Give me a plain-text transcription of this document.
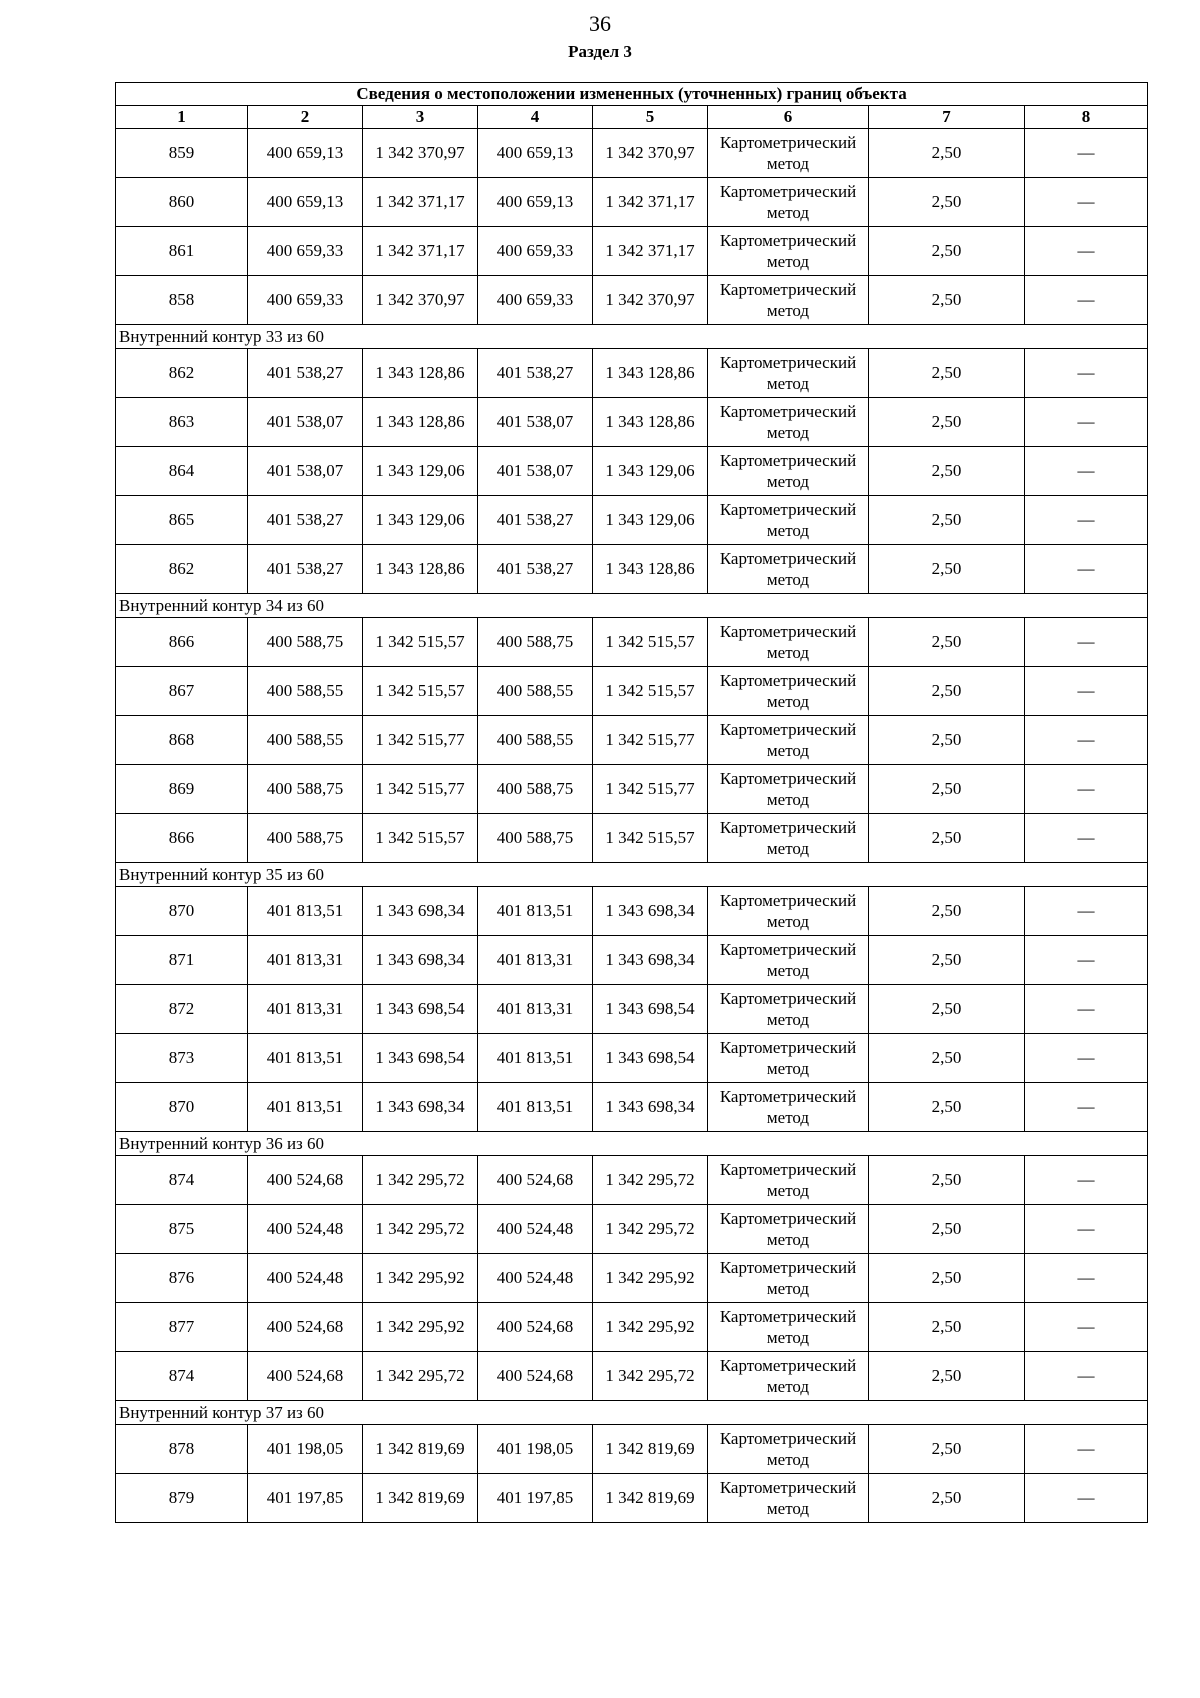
36
Раздел 3
Сведения о местоположении измененных (уточненных) границ объекта							
1	2	3	4	5	6	7	8
859	400 659,13	1 342 370,97	400 659,13	1 342 370,97	Картометрический метод	2,50	—
860	400 659,13	1 342 371,17	400 659,13	1 342 371,17	Картометрический метод	2,50	—
861	400 659,33	1 342 371,17	400 659,33	1 342 371,17	Картометрический метод	2,50	—
858	400 659,33	1 342 370,97	400 659,33	1 342 370,97	Картометрический метод	2,50	—
Внутренний контур 33 из 60							
862	401 538,27	1 343 128,86	401 538,27	1 343 128,86	Картометрический метод	2,50	—
863	401 538,07	1 343 128,86	401 538,07	1 343 128,86	Картометрический метод	2,50	—
864	401 538,07	1 343 129,06	401 538,07	1 343 129,06	Картометрический метод	2,50	—
865	401 538,27	1 343 129,06	401 538,27	1 343 129,06	Картометрический метод	2,50	—
862	401 538,27	1 343 128,86	401 538,27	1 343 128,86	Картометрический метод	2,50	—
Внутренний контур 34 из 60							
866	400 588,75	1 342 515,57	400 588,75	1 342 515,57	Картометрический метод	2,50	—
867	400 588,55	1 342 515,57	400 588,55	1 342 515,57	Картометрический метод	2,50	—
868	400 588,55	1 342 515,77	400 588,55	1 342 515,77	Картометрический метод	2,50	—
869	400 588,75	1 342 515,77	400 588,75	1 342 515,77	Картометрический метод	2,50	—
866	400 588,75	1 342 515,57	400 588,75	1 342 515,57	Картометрический метод	2,50	—
Внутренний контур 35 из 60							
870	401 813,51	1 343 698,34	401 813,51	1 343 698,34	Картометрический метод	2,50	—
871	401 813,31	1 343 698,34	401 813,31	1 343 698,34	Картометрический метод	2,50	—
872	401 813,31	1 343 698,54	401 813,31	1 343 698,54	Картометрический метод	2,50	—
873	401 813,51	1 343 698,54	401 813,51	1 343 698,54	Картометрический метод	2,50	—
870	401 813,51	1 343 698,34	401 813,51	1 343 698,34	Картометрический метод	2,50	—
Внутренний контур 36 из 60							
874	400 524,68	1 342 295,72	400 524,68	1 342 295,72	Картометрический метод	2,50	—
875	400 524,48	1 342 295,72	400 524,48	1 342 295,72	Картометрический метод	2,50	—
876	400 524,48	1 342 295,92	400 524,48	1 342 295,92	Картометрический метод	2,50	—
877	400 524,68	1 342 295,92	400 524,68	1 342 295,92	Картометрический метод	2,50	—
874	400 524,68	1 342 295,72	400 524,68	1 342 295,72	Картометрический метод	2,50	—
Внутренний контур 37 из 60							
878	401 198,05	1 342 819,69	401 198,05	1 342 819,69	Картометрический метод	2,50	—
879	401 197,85	1 342 819,69	401 197,85	1 342 819,69	Картометрический метод	2,50	—
